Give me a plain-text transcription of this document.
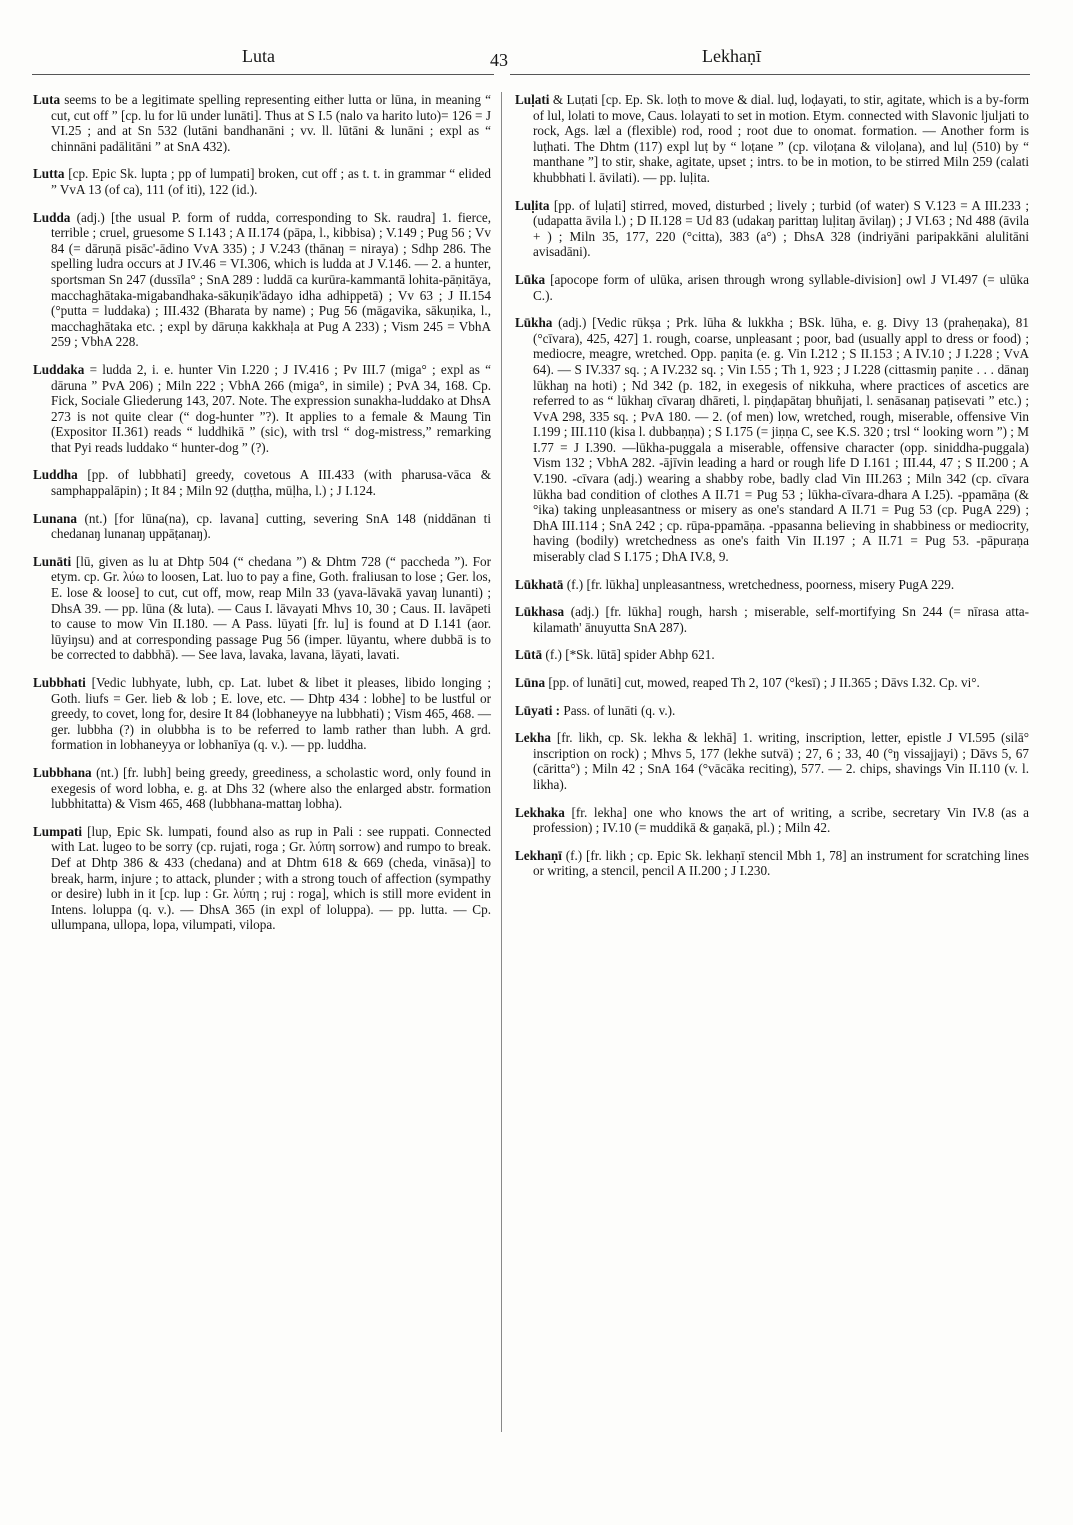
Luta	43	Lekhaṇī

Luta seems to be a legitimate spelling representing either lutta or lūna, in meaning “ cut, cut off ” [cp. lu for lū under lunāti]. Thus at S I.5 (nalo va harito luto)= 126 = J VI.25 ; and at Sn 532 (lutāni bandhanāni ; vv. ll. lūtāni & lunāni ; expl as “ chinnāni padālitāni ” at SnA 432).

Lutta [cp. Epic Sk. lupta ; pp of lumpati] broken, cut off ; as t. t. in grammar “ elided ” VvA 13 (of ca), 111 (of iti), 122 (id.).

Ludda (adj.) [the usual P. form of rudda, corresponding to Sk. raudra] 1. fierce, terrible ; cruel, gruesome S I.143 ; A II.174 (pāpa, l., kibbisa) ; V.149 ; Pug 56 ; Vv 84 (= dāruṇā pisāc'-ādino VvA 335) ; J V.243 (thānaŋ = niraya) ; Sdhp 286. The spelling ludra occurs at J IV.46 = VI.306, which is ludda at J V.146. — 2. a hunter, sportsman Sn 247 (dussīla° ; SnA 289 : luddā ca kurūra-kammantā lohita-pāṇitāya, macchaghātaka-migabandhaka-sākuṇik'ādayo idha adhippetā) ; Vv 63 ; J II.154 (°putta = luddaka) ; III.432 (Bharata by name) ; Pug 56 (māgavika, sākuṇika, l., macchaghātaka etc. ; expl by dāruṇa kakkhaḷa at Pug A 233) ; Vism 245 = VbhA 259 ; VbhA 228.

Luddaka = ludda 2, i. e. hunter Vin I.220 ; J IV.416 ; Pv III.7 (miga° ; expl as “ dāruna ” PvA 206) ; Miln 222 ; VbhA 266 (miga°, in simile) ; PvA 34, 168. Cp. Fick, Sociale Gliederung 143, 207. Note. The expression sunakha-luddako at DhsA 273 is not quite clear (“ dog-hunter ”?). It applies to a female & Maung Tin (Expositor II.361) reads “ luddhikā ” (sic), with trsl “ dog-mistress,” remarking that Pyi reads luddako “ hunter-dog ” (?).

Luddha [pp. of lubbhati] greedy, covetous A III.433 (with pharusa-vāca & samphappalāpin) ; It 84 ; Miln 92 (duṭṭha, mūḷha, l.) ; J I.124.

Lunana (nt.) [for lūna(na), cp. lavana] cutting, severing SnA 148 (niddānan ti chedanaŋ lunanaŋ uppāṭanaŋ).

Lunāti [lū, given as lu at Dhtp 504 (“ chedana ”) & Dhtm 728 (“ paccheda ”). For etym. cp. Gr. λύω to loosen, Lat. luo to pay a fine, Goth. fraliusan to lose ; Ger. los, E. lose & loose] to cut, cut off, mow, reap Miln 33 (yava-lāvakā yavaŋ lunanti) ; DhsA 39. — pp. lūna (& luta). — Caus I. lāvayati Mhvs 10, 30 ; Caus. II. lavāpeti to cause to mow Vin II.180. — A Pass. lūyati [fr. lu] is found at D I.141 (aor. lūyiŋsu) and at corresponding passage Pug 56 (imper. lūyantu, where dubbā is to be corrected to dabbhā). — See lava, lavaka, lavana, lāyati, lavati.

Lubbhati [Vedic lubhyate, lubh, cp. Lat. lubet & libet it pleases, libido longing ; Goth. liufs = Ger. lieb & lob ; E. love, etc. — Dhtp 434 : lobhe] to be lustful or greedy, to covet, long for, desire It 84 (lobhaneyye na lubbhati) ; Vism 465, 468. — ger. lubbha (?) in olubbha is to be referred to lamb rather than lubh. A grd. formation in lobhaneyya or lobhanīya (q. v.). — pp. luddha.

Lubbhana (nt.) [fr. lubh] being greedy, greediness, a scholastic word, only found in exegesis of word lobha, e. g. at Dhs 32 (where also the enlarged abstr. formation lubbhitatta) & Vism 465, 468 (lubbhana-mattaŋ lobha).

Lumpati [lup, Epic Sk. lumpati, found also as rup in Pali : see ruppati. Connected with Lat. lugeo to be sorry (cp. rujati, roga ; Gr. λύπη sorrow) and rumpo to break. Def at Dhtp 386 & 433 (chedana) and at Dhtm 618 & 669 (cheda, vināsa)] to break, harm, injure ; to attack, plunder ; with a strong touch of affection (sympathy or desire) lubh in it [cp. lup : Gr. λύπη ; ruj : roga], which is still more evident in Intens. loluppa (q. v.). — DhsA 365 (in expl of loluppa). — pp. lutta. — Cp. ullumpana, ullopa, lopa, vilumpati, vilopa.

Luḷati & Luṭati [cp. Ep. Sk. loṭh to move & dial. luḍ, loḍayati, to stir, agitate, which is a by-form of lul, lolati to move, Caus. lolayati to set in motion. Etym. connected with Slavonic ljuljati to rock, Ags. læl a (flexible) rod, rood ; root due to onomat. formation. — Another form is luṭhati. The Dhtm (117) expl luṭ by “ loṭane ” (cp. viloṭana & viloḷana), and luḷ (510) by “ manthane ”] to stir, shake, agitate, upset ; intrs. to be in motion, to be stirred Miln 259 (calati khubbhati l. āvilati). — pp. luḷita.

Luḷita [pp. of luḷati] stirred, moved, disturbed ; lively ; turbid (of water) S V.123 = A III.233 ; (udapatta āvila l.) ; D II.128 = Ud 83 (udakaŋ parittaŋ luḷitaŋ āvilaŋ) ; J VI.63 ; Nd 488 (āvila + ) ; Miln 35, 177, 220 (°citta), 383 (a°) ; DhsA 328 (indriyāni paripakkāni alulitāni avisadāni).

Lūka [apocope form of ulūka, arisen through wrong syllable-division] owl J VI.497 (= ulūka C.).

Lūkha (adj.) [Vedic rūkṣa ; Prk. lūha & lukkha ; BSk. lūha, e. g. Divy 13 (praheṇaka), 81 (°cīvara), 425, 427] 1. rough, coarse, unpleasant ; poor, bad (usually appl to dress or food) ; mediocre, meagre, wretched. Opp. paṇita (e. g. Vin I.212 ; S II.153 ; A IV.10 ; J I.228 ; VvA 64). — S IV.337 sq. ; A IV.232 sq. ; Vin I.55 ; Th 1, 923 ; J I.228 (cittasmiŋ paṇite . . . dānaŋ lūkhaŋ na hoti) ; Nd 342 (p. 182, in exegesis of nikkuha, where practices of ascetics are referred to as “ lūkhaŋ cīvaraŋ dhāreti, l. piṇḍapātaŋ bhuñjati, l. senāsanaŋ paṭisevati ” etc.) ; VvA 298, 335 sq. ; PvA 180. — 2. (of men) low, wretched, rough, miserable, offensive Vin I.199 ; III.110 (kisa l. dubbaṇṇa) ; S I.175 (= jiṇṇa C, see K.S. 320 ; trsl “ looking worn ”) ; M I.77 = J I.390. —lūkha-puggala a miserable, offensive character (opp. siniddha-puggala) Vism 132 ; VbhA 282. -ājīvin leading a hard or rough life D I.161 ; III.44, 47 ; S II.200 ; A V.190. -cīvara (adj.) wearing a shabby robe, badly clad Vin III.263 ; Miln 342 (cp. cīvara lūkha bad condition of clothes A II.71 = Pug 53 ; lūkha-cīvara-dhara A I.25). -ppamāṇa (& °ika) taking unpleasantness or misery as one's standard A II.71 = Pug 53 (cp. PugA 229) ; DhA III.114 ; SnA 242 ; cp. rūpa-ppamāṇa. -ppasanna believing in shabbiness or mediocrity, having (bodily) wretchedness as one's faith Vin II.197 ; A II.71 = Pug 53. -pāpuraṇa miserably clad S I.175 ; DhA IV.8, 9.

Lūkhatā (f.) [fr. lūkha] unpleasantness, wretchedness, poorness, misery PugA 229.

Lūkhasa (adj.) [fr. lūkha] rough, harsh ; miserable, self-mortifying Sn 244 (= nīrasa atta-kilamath' ānuyutta SnA 287).

Lūtā (f.) [*Sk. lūtā] spider Abhp 621.

Lūna [pp. of lunāti] cut, mowed, reaped Th 2, 107 (°kesī) ; J II.365 ; Dāvs I.32. Cp. vi°.

Lūyati : Pass. of lunāti (q. v.).

Lekha [fr. likh, cp. Sk. lekha & lekhā] 1. writing, inscription, letter, epistle J VI.595 (silā° inscription on rock) ; Mhvs 5, 177 (lekhe sutvā) ; 27, 6 ; 33, 40 (°ŋ vissajjayi) ; Dāvs 5, 67 (cāritta°) ; Miln 42 ; SnA 164 (°vācāka reciting), 577. — 2. chips, shavings Vin II.110 (v. l. likha).

Lekhaka [fr. lekha] one who knows the art of writing, a scribe, secretary Vin IV.8 (as a profession) ; IV.10 (= muddikā & gaṇakā, pl.) ; Miln 42.

Lekhaṇī (f.) [fr. likh ; cp. Epic Sk. lekhaṇī stencil Mbh 1, 78] an instrument for scratching lines or writing, a stencil, pencil A II.200 ; J I.230.
